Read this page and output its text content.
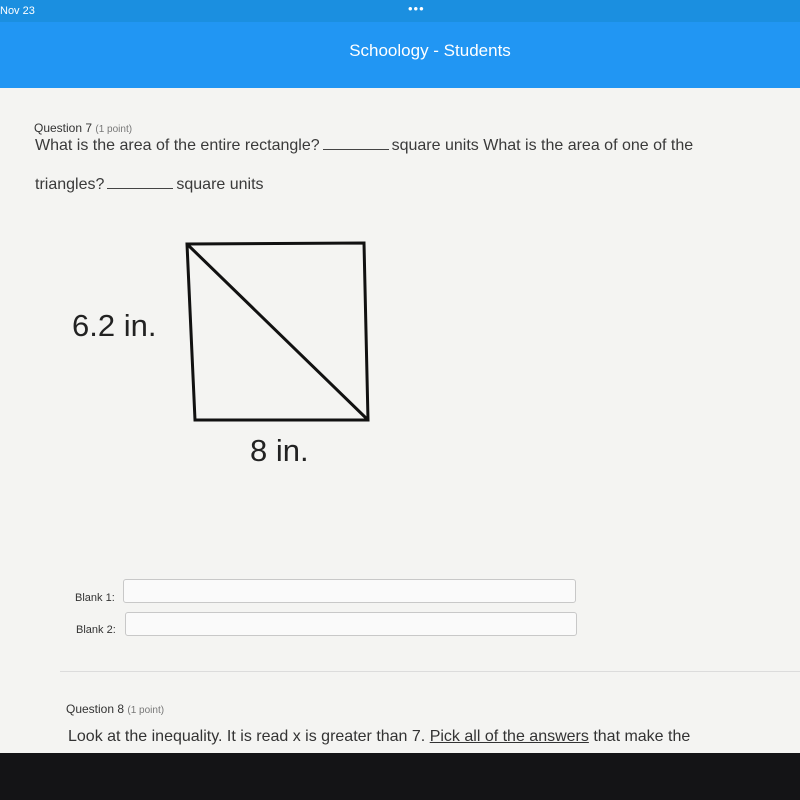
Nov 23	•••
Schoology - Students
Question 7 (1 point)
What is the area of the entire rectangle?	square units What is the area of one of the
triangles?	square units
6.2 in.
8 in.
Blank 1:
Blank 2:
Question 8 (1 point)
Look at the inequality. It is read x is greater than 7. Pick all of the answers that make the
